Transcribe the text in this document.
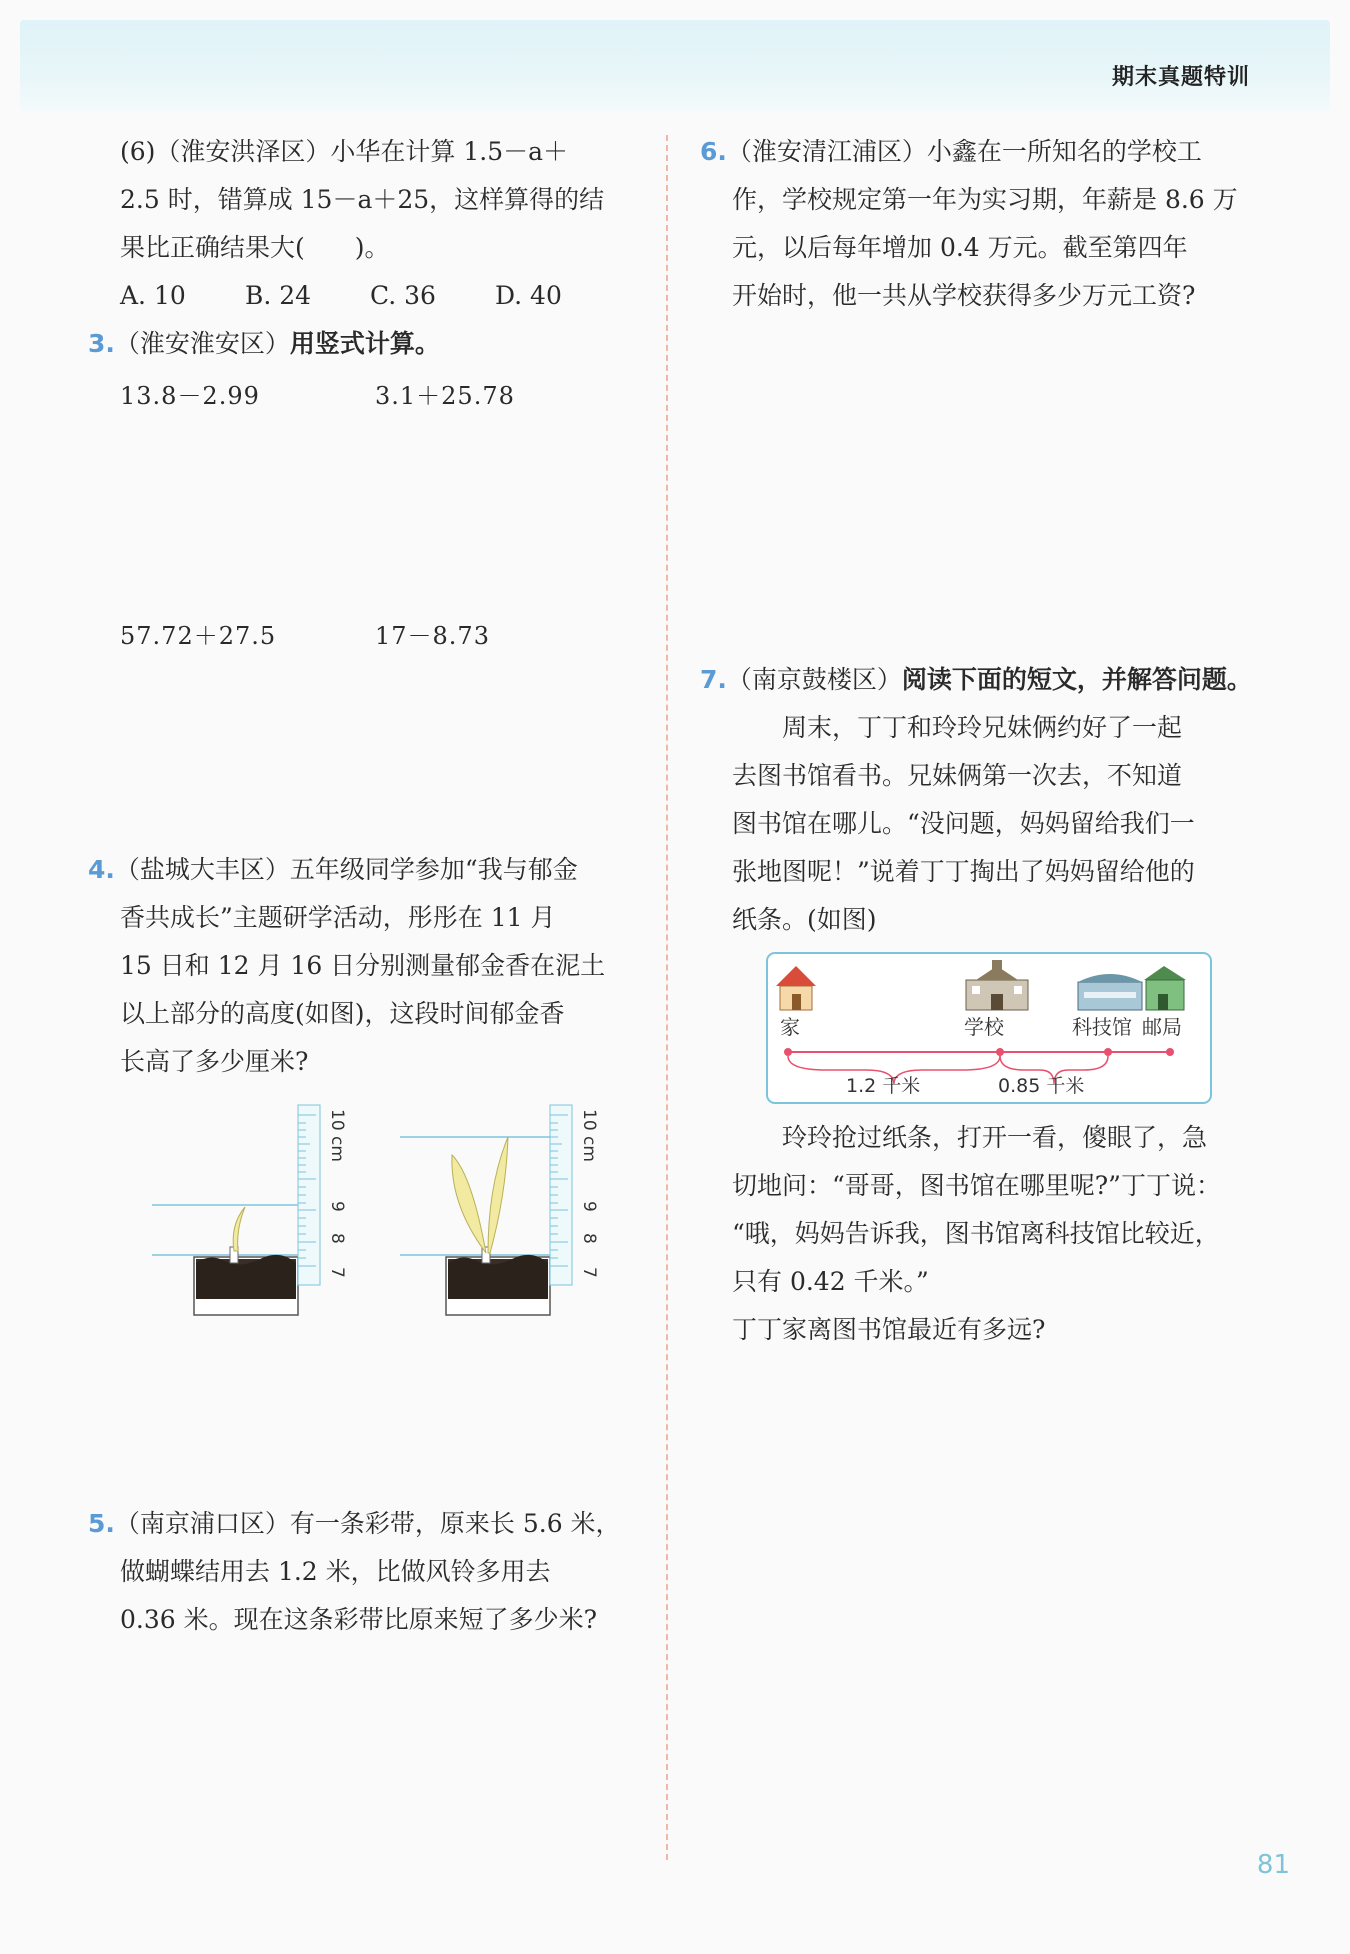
期末真题特训
(6)（淮安洪泽区）小华在计算 1.5－a＋
2.5 时，错算成 15－a＋25，这样算得的结
果比正确结果大(　　)。
A. 10 B. 24 C. 36 D. 40
3.（淮安淮安区）用竖式计算。
13.8－2.99	3.1＋25.78
57.72＋27.5	17－8.73
4.（盐城大丰区）五年级同学参加“我与郁金
香共成长”主题研学活动，彤彤在 11 月
15 日和 12 月 16 日分别测量郁金香在泥土
以上部分的高度(如图)，这段时间郁金香
长高了多少厘米?
7
8
9
10 cm
7
8
9
10 cm
5.（南京浦口区）有一条彩带，原来长 5.6 米，
做蝴蝶结用去 1.2 米，比做风铃多用去
0.36 米。现在这条彩带比原来短了多少米?
6.（淮安清江浦区）小鑫在一所知名的学校工
作，学校规定第一年为实习期，年薪是 8.6 万
元，以后每年增加 0.4 万元。截至第四年
开始时，他一共从学校获得多少万元工资?
7.（南京鼓楼区）阅读下面的短文，并解答问题。
周末，丁丁和玲玲兄妹俩约好了一起
去图书馆看书。兄妹俩第一次去，不知道
图书馆在哪儿。“没问题，妈妈留给我们一
张地图呢！”说着丁丁掏出了妈妈留给他的
纸条。(如图)
家	学校	科技馆 邮局
1.2 千米	0.85 千米
玲玲抢过纸条，打开一看，傻眼了，急
切地问：“哥哥，图书馆在哪里呢?”丁丁说：
“哦，妈妈告诉我，图书馆离科技馆比较近，
只有 0.42 千米。”
丁丁家离图书馆最近有多远?
81
